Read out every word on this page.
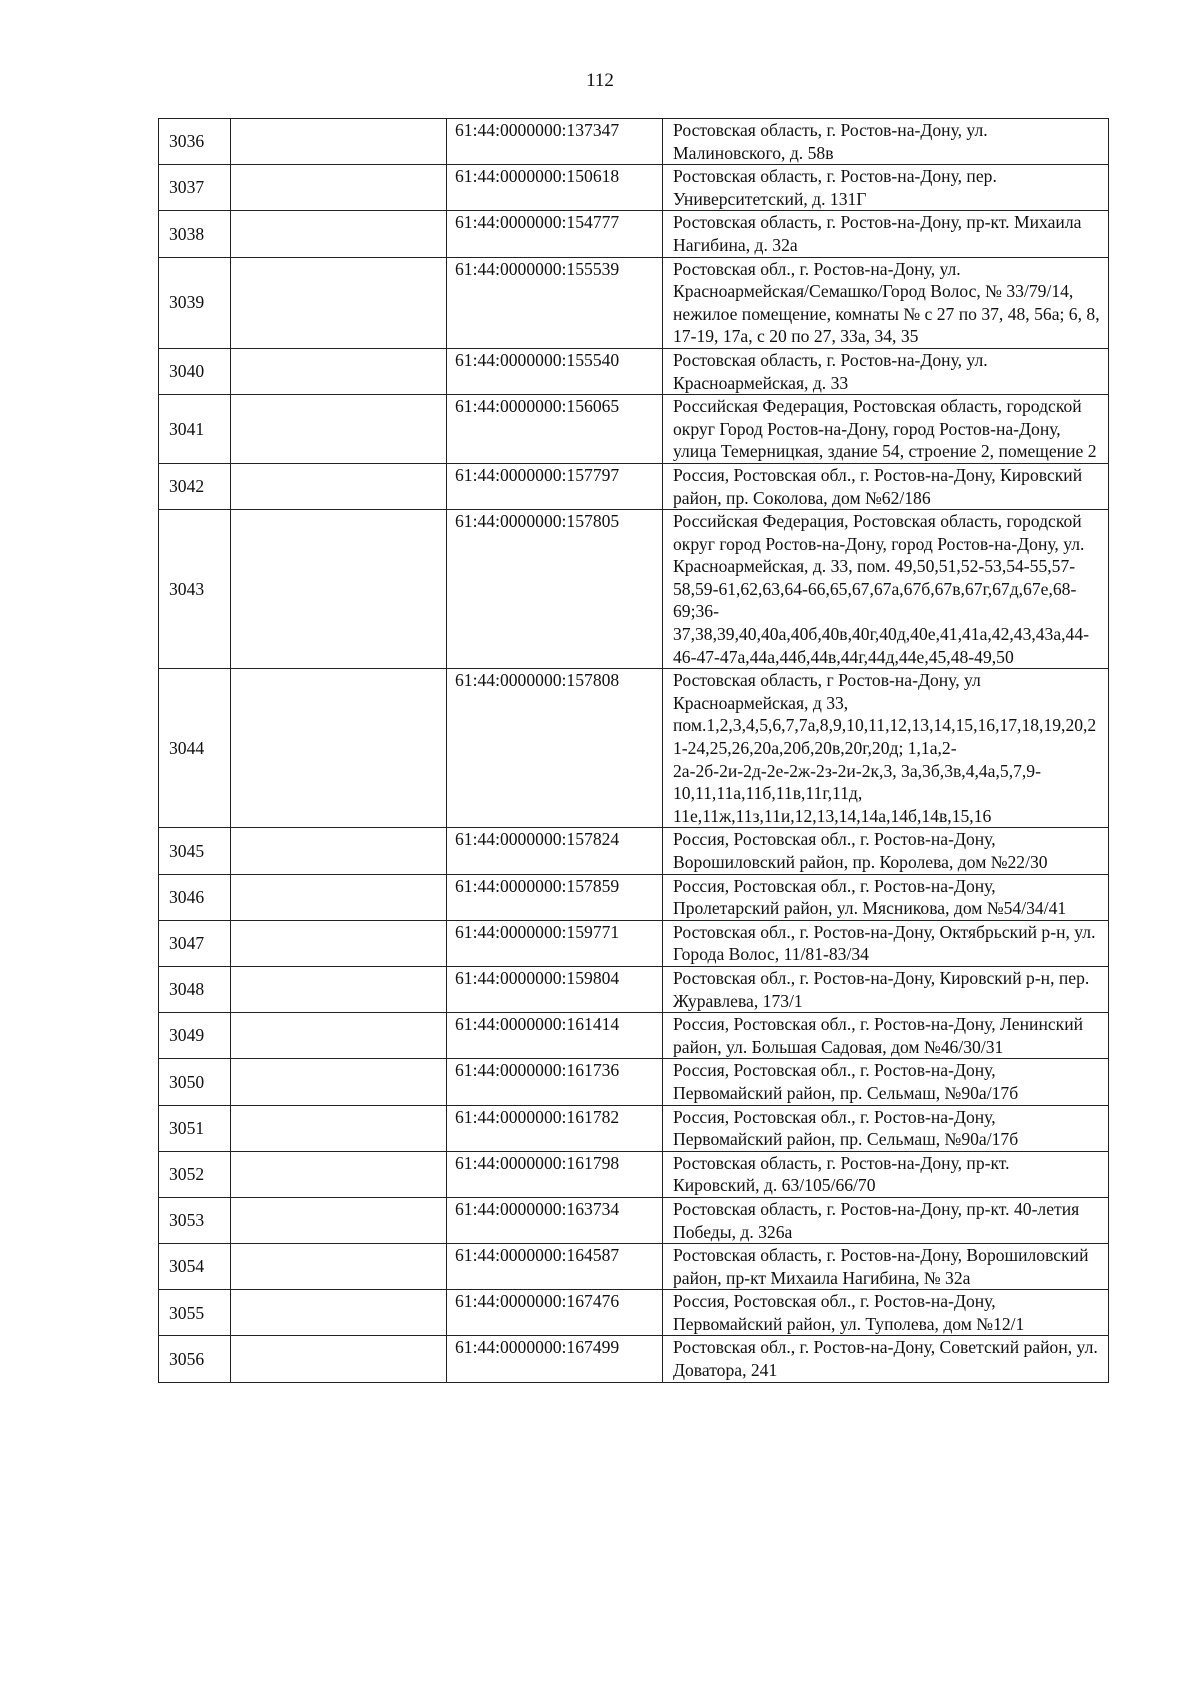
112
3036		61:44:0000000:137347	Ростовская область, г. Ростов-на-Дону, ул. Малиновского, д. 58в
3037		61:44:0000000:150618	Ростовская область, г. Ростов-на-Дону, пер. Университетский, д. 131Г
3038		61:44:0000000:154777	Ростовская область, г. Ростов-на-Дону, пр-кт. Михаила Нагибина, д. 32а
3039		61:44:0000000:155539	Ростовская обл., г. Ростов-на-Дону, ул. Красноармейская/Семашко/Город Волос, № 33/79/14, нежилое помещение, комнаты № с 27 по 37, 48, 56а; 6, 8, 17-19, 17а, с 20 по 27, 33а, 34, 35
3040		61:44:0000000:155540	Ростовская область, г. Ростов-на-Дону, ул. Красноармейская, д. 33
3041		61:44:0000000:156065	Российская Федерация, Ростовская область, городской округ Город Ростов-на-Дону, город Ростов-на-Дону, улица Темерницкая, здание 54, строение 2, помещение 2
3042		61:44:0000000:157797	Россия, Ростовская обл., г. Ростов-на-Дону, Кировский район, пр. Соколова, дом №62/186
3043		61:44:0000000:157805	Российская Федерация, Ростовская область, городской округ город Ростов-на-Дону, город Ростов-на-Дону, ул. Красноармейская, д. 33, пом. 49,50,51,52-53,54-55,57-58,59-61,62,63,64-66,65,67,67а,67б,67в,67г,67д,67е,68-69;36-37,38,39,40,40а,40б,40в,40г,40д,40е,41,41а,42,43,43а,44-46-47-47а,44а,44б,44в,44г,44д,44е,45,48-49,50
3044		61:44:0000000:157808	Ростовская область, г Ростов-на-Дону, ул Красноармейская, д 33, пом.1,2,3,4,5,6,7,7а,8,9,10,11,12,13,14,15,16,17,18,19,20,21-24,25,26,20а,20б,20в,20г,20д; 1,1а,2-2а-2б-2и-2д-2е-2ж-2з-2и-2к,3, 3а,3б,3в,4,4а,5,7,9-10,11,11а,11б,11в,11г,11д, 11е,11ж,11з,11и,12,13,14,14а,14б,14в,15,16
3045		61:44:0000000:157824	Россия, Ростовская обл., г. Ростов-на-Дону, Ворошиловский район, пр. Королева, дом №22/30
3046		61:44:0000000:157859	Россия, Ростовская обл., г. Ростов-на-Дону, Пролетарский район, ул. Мясникова, дом №54/34/41
3047		61:44:0000000:159771	Ростовская обл., г. Ростов-на-Дону, Октябрьский р-н, ул. Города Волос, 11/81-83/34
3048		61:44:0000000:159804	Ростовская обл., г. Ростов-на-Дону, Кировский р-н, пер. Журавлева, 173/1
3049		61:44:0000000:161414	Россия, Ростовская обл., г. Ростов-на-Дону, Ленинский район, ул. Большая Садовая, дом №46/30/31
3050		61:44:0000000:161736	Россия, Ростовская обл., г. Ростов-на-Дону, Первомайский район, пр. Сельмаш, №90а/17б
3051		61:44:0000000:161782	Россия, Ростовская обл., г. Ростов-на-Дону, Первомайский район, пр. Сельмаш, №90а/17б
3052		61:44:0000000:161798	Ростовская область, г. Ростов-на-Дону, пр-кт. Кировский, д. 63/105/66/70
3053		61:44:0000000:163734	Ростовская область, г. Ростов-на-Дону, пр-кт. 40-летия Победы, д. 326а
3054		61:44:0000000:164587	Ростовская область, г. Ростов-на-Дону, Ворошиловский район, пр-кт Михаила Нагибина, № 32а
3055		61:44:0000000:167476	Россия, Ростовская обл., г. Ростов-на-Дону, Первомайский район, ул. Туполева, дом №12/1
3056		61:44:0000000:167499	Ростовская обл., г. Ростов-на-Дону, Советский район, ул. Доватора, 241
